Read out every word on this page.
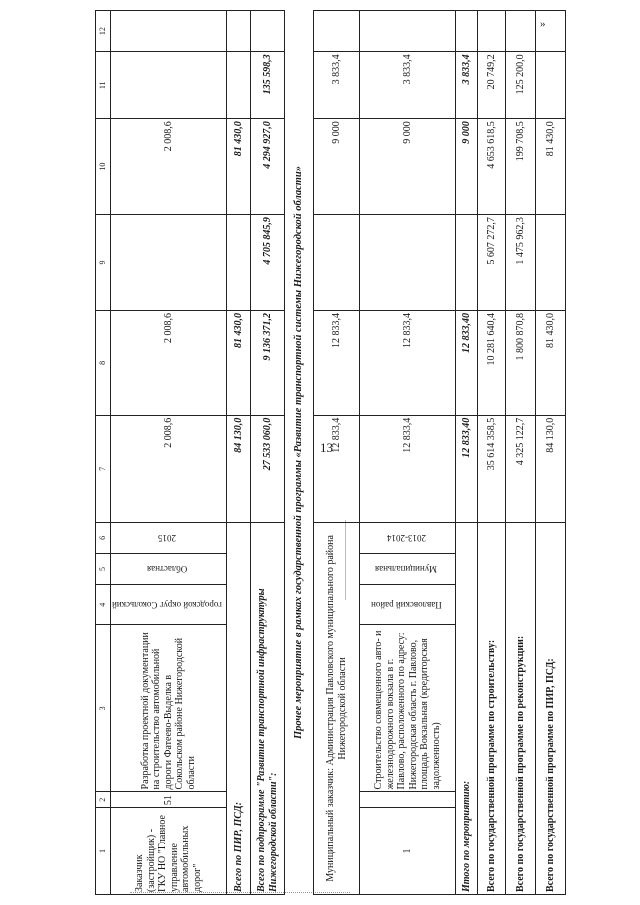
13
»
1	2	3	4	5	6	7	8	9	10	11	12
Заказчик (застройщик) - ГКУ НО "Главное управление автомобильных дорог"	51	Разработка проектной документации на строительство автомобильной дороги Фатеево-Выделка в Сокольском районе Нижегородской области	городской округ Сокольский	Областная	2015	2 008,6	2 008,6		2 008,6		
Всего по ПИР, ПСД:						84 130,0	81 430,0		81 430,0		
Всего по подпрограмме "Развитие транспортной инфраструктуры Нижегородской области":						27 533 060,0	9 136 371,2	4 705 845,9	4 294 927,0	135 598,3	
Прочее мероприятие в рамках государственной программы «Развитие транспортной системы Нижегородской области»											
Муниципальный заказчик: Администрация Павловского муниципального района Нижегородской области						12 833,4	12 833,4		9 000	3 833,4	
1		Строительство совмещенного авто- и железнодорожного вокзала в г. Павлово, расположенного по адресу: Нижегородская область г. Павлово, площадь Вокзальная (кредиторская задолженность)	Павловский район	Муниципальная	2013-2014	12 833,4	12 833,4		9 000	3 833,4	
Итого по мероприятию:						12 833,40	12 833,40		9 000	3 833,4	
Всего по государственной программе по строительству:						35 614 358,5	10 281 640,4	5 607 272,7	4 653 618,5	20 749,2	
Всего по государственной программе по реконструкции:						4 325 122,7	1 800 870,8	1 475 962,3	199 708,5	125 200,0	
Всего по государственной программе по ПИР, ПСД:						84 130,0	81 430,0		81 430,0		
